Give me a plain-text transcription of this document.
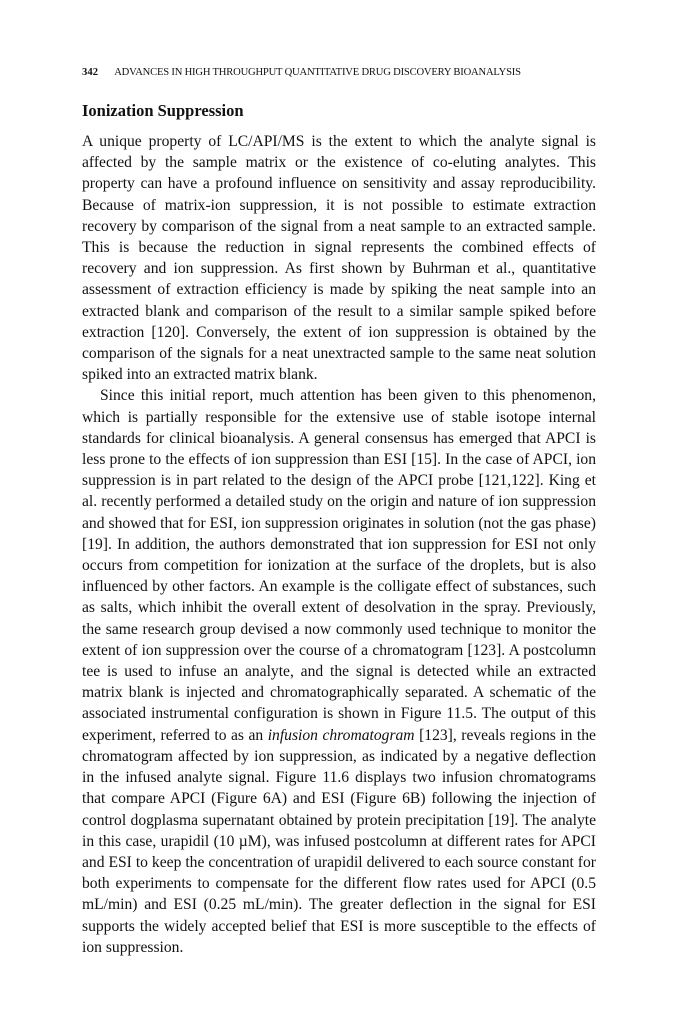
342 ADVANCES IN HIGH THROUGHPUT QUANTITATIVE DRUG DISCOVERY BIOANALYSIS
Ionization Suppression

A unique property of LC/API/MS is the extent to which the analyte signal is affected by the sample matrix or the existence of co-eluting analytes. This property can have a profound influence on sensitivity and assay reproducibility. Because of matrix-ion suppression, it is not possible to estimate extraction recovery by comparison of the signal from a neat sample to an extracted sample. This is because the reduction in signal represents the combined effects of recovery and ion suppression. As first shown by Buhrman et al., quantitative assessment of extraction efficiency is made by spiking the neat sample into an extracted blank and comparison of the result to a similar sample spiked before extraction [120]. Conversely, the extent of ion suppression is obtained by the comparison of the signals for a neat unextracted sample to the same neat solution spiked into an extracted matrix blank.

Since this initial report, much attention has been given to this phenomenon, which is partially responsible for the extensive use of stable isotope internal standards for clinical bioanalysis. A general consensus has emerged that APCI is less prone to the effects of ion suppression than ESI [15]. In the case of APCI, ion suppression is in part related to the design of the APCI probe [121,122]. King et al. recently performed a detailed study on the origin and nature of ion suppression and showed that for ESI, ion suppression originates in solution (not the gas phase) [19]. In addition, the authors demonstrated that ion suppression for ESI not only occurs from competition for ionization at the surface of the droplets, but is also influenced by other factors. An example is the colligate effect of substances, such as salts, which inhibit the overall extent of desolvation in the spray. Previously, the same research group devised a now commonly used technique to monitor the extent of ion suppression over the course of a chromatogram [123]. A postcolumn tee is used to infuse an analyte, and the signal is detected while an extracted matrix blank is injected and chromatographically separated. A schematic of the associated instrumental configuration is shown in Figure 11.5. The output of this experiment, referred to as an infusion chromatogram [123], reveals regions in the chromatogram affected by ion suppression, as indicated by a negative deflection in the infused analyte signal. Figure 11.6 displays two infusion chromatograms that compare APCI (Figure 6A) and ESI (Figure 6B) following the injection of control dogplasma supernatant obtained by protein precipitation [19]. The analyte in this case, urapidil (10 µM), was infused postcolumn at different rates for APCI and ESI to keep the concentration of urapidil delivered to each source constant for both experiments to compensate for the different flow rates used for APCI (0.5 mL/min) and ESI (0.25 mL/min). The greater deflection in the signal for ESI supports the widely accepted belief that ESI is more susceptible to the effects of ion suppression.
